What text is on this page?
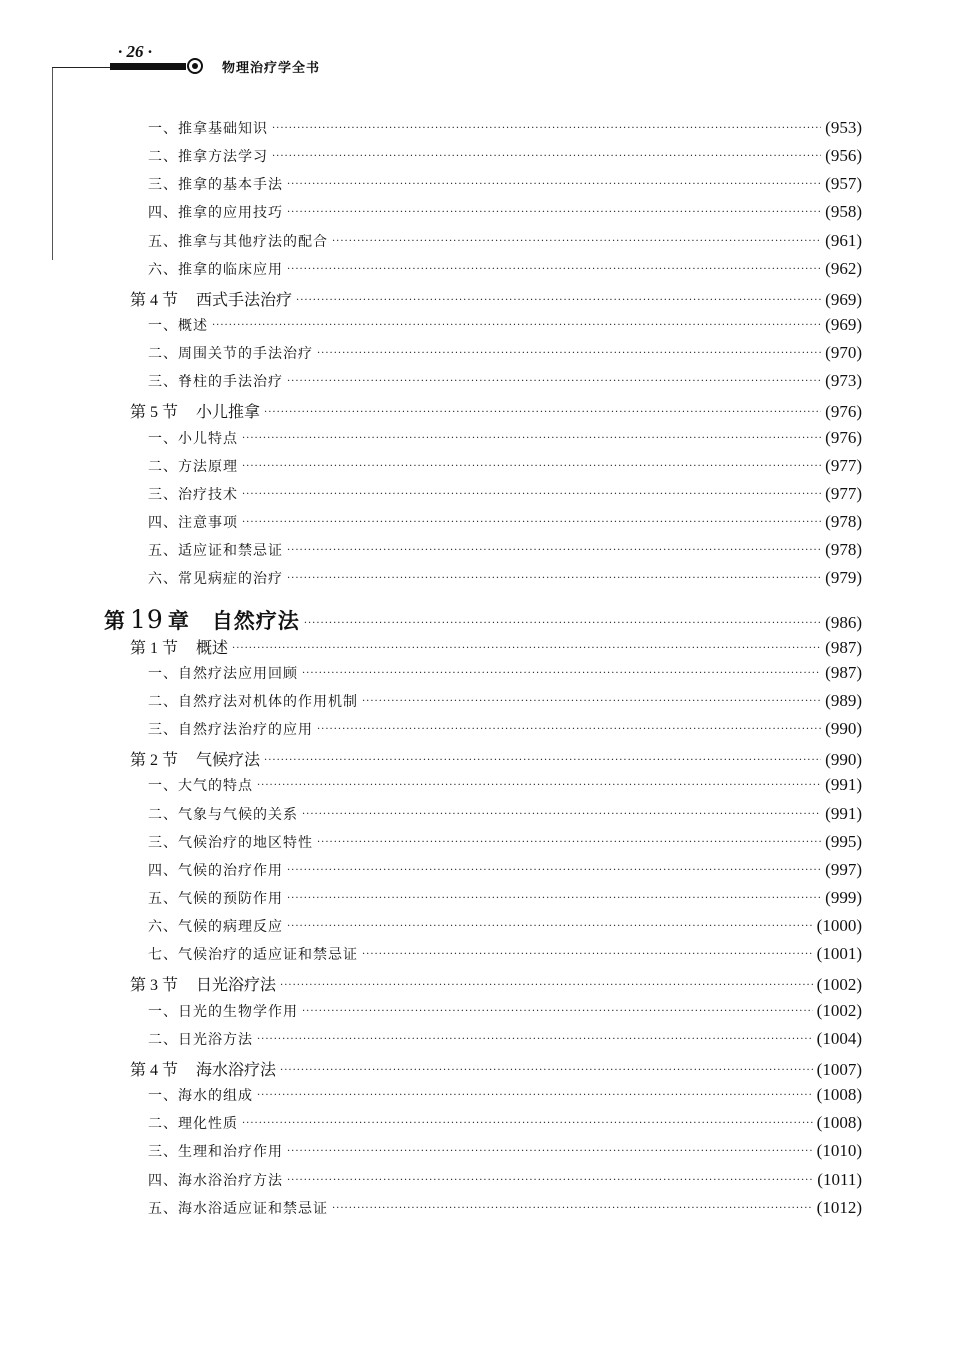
· 26 ·
物理治疗学全书
一、推拿基础知识 ·····	(953)
二、推拿方法学习 ·····	(956)
三、推拿的基本手法 ·····	(957)
四、推拿的应用技巧 ·····	(958)
五、推拿与其他疗法的配合 ·····	(961)
六、推拿的临床应用 ·····	(962)
第 4 节 西式手法治疗 ·····	(969)
一、概述 ·····	(969)
二、周围关节的手法治疗 ·····	(970)
三、脊柱的手法治疗 ·····	(973)
第 5 节 小儿推拿 ·····	(976)
一、小儿特点 ·····	(976)
二、方法原理 ·····	(977)
三、治疗技术 ·····	(977)
四、注意事项 ·····	(978)
五、适应证和禁忌证 ·····	(978)
六、常见病症的治疗 ·····	(979)
第 19 章 自然疗法 ·····	(986)
第 1 节 概述 ·····	(987)
一、自然疗法应用回顾 ·····	(987)
二、自然疗法对机体的作用机制 ·····	(989)
三、自然疗法治疗的应用 ·····	(990)
第 2 节 气候疗法 ·····	(990)
一、大气的特点 ·····	(991)
二、气象与气候的关系 ·····	(991)
三、气候治疗的地区特性 ·····	(995)
四、气候的治疗作用 ·····	(997)
五、气候的预防作用 ·····	(999)
六、气候的病理反应 ·····	(1000)
七、气候治疗的适应证和禁忌证 ·····	(1001)
第 3 节 日光浴疗法 ·····	(1002)
一、日光的生物学作用 ·····	(1002)
二、日光浴方法 ·····	(1004)
第 4 节 海水浴疗法 ·····	(1007)
一、海水的组成 ·····	(1008)
二、理化性质 ·····	(1008)
三、生理和治疗作用 ·····	(1010)
四、海水浴治疗方法 ·····	(1011)
五、海水浴适应证和禁忌证 ·····	(1012)
